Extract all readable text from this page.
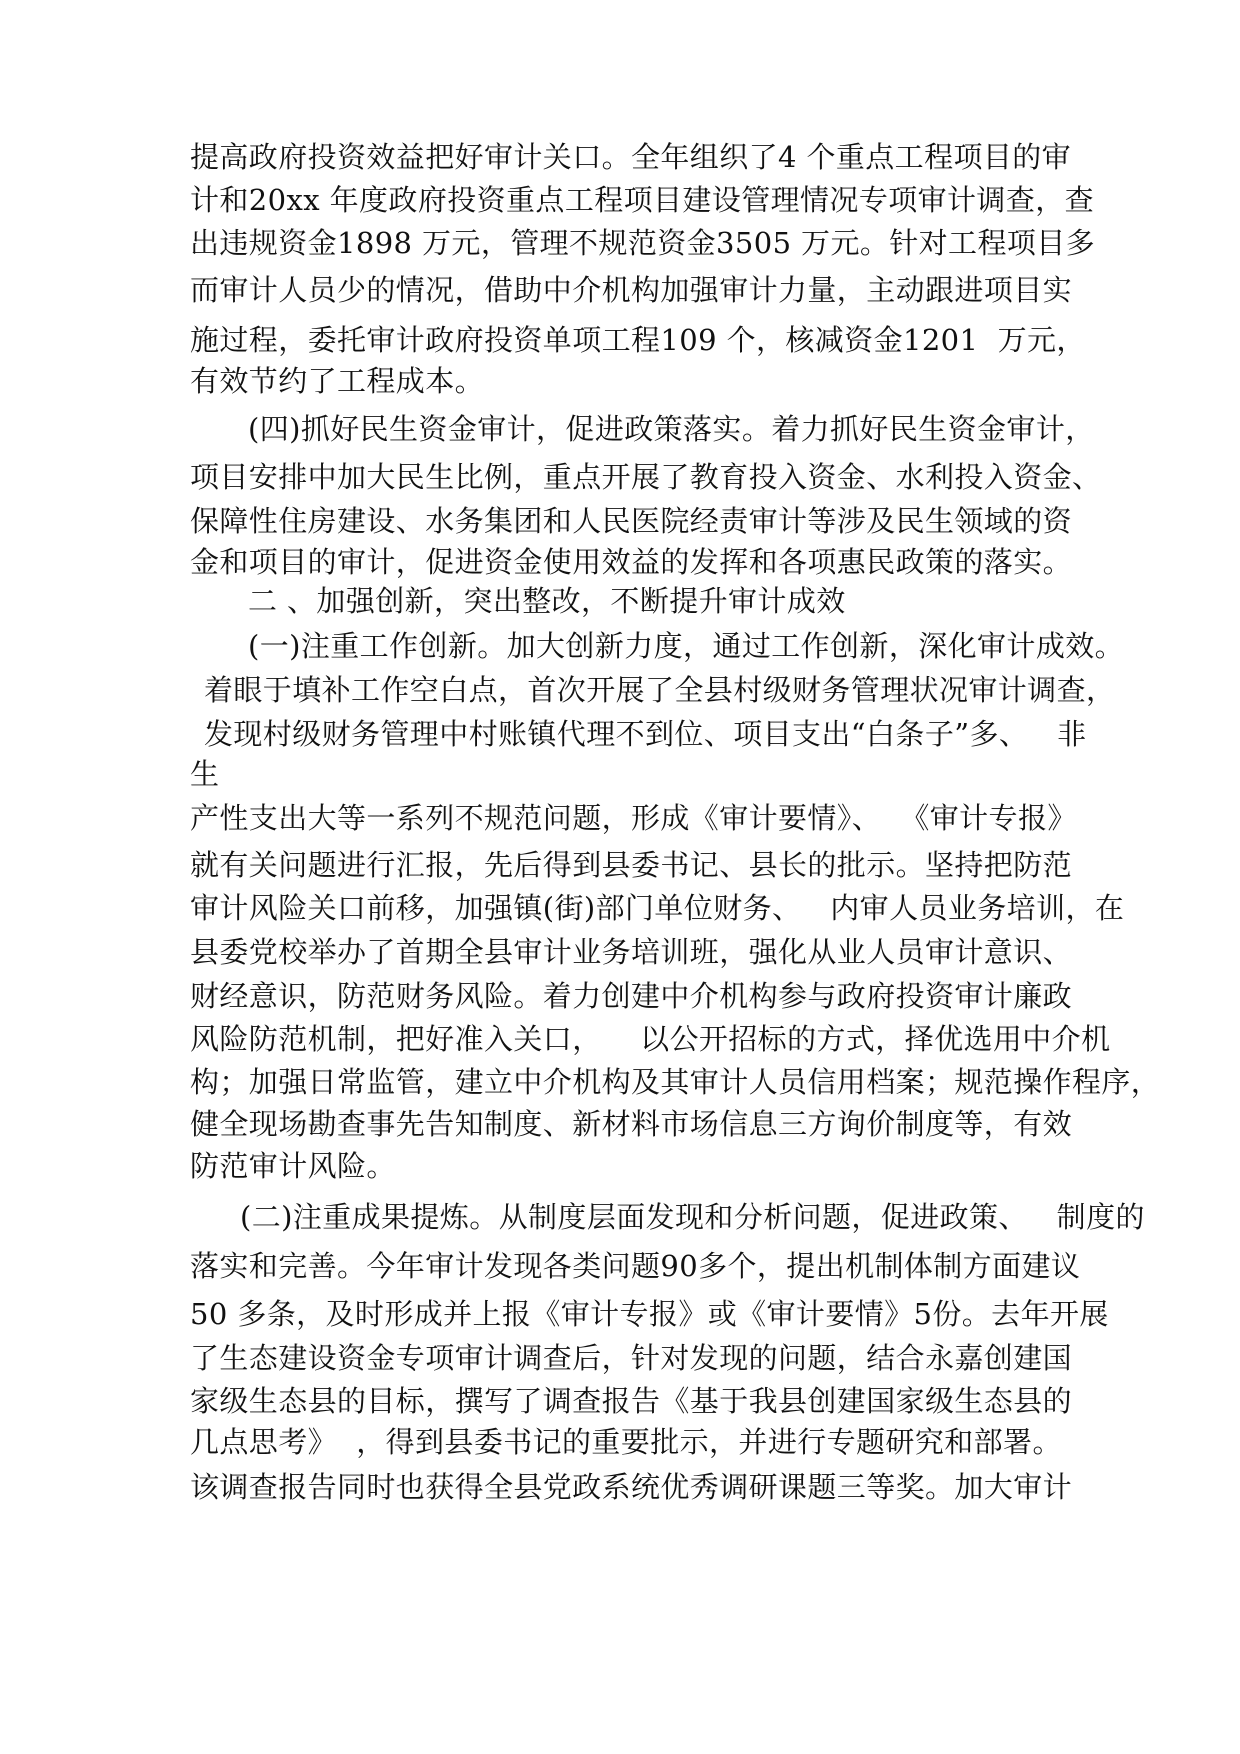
提高政府投资效益把好审计关口。全年组织了4 个重点工程项目的审
计和20xx 年度政府投资重点工程项目建设管理情况专项审计调查，查
出违规资金1898 万元，管理不规范资金3505 万元。针对工程项目多
而审计人员少的情况，借助中介机构加强审计力量，主动跟进项目实
施过程，委托审计政府投资单项工程109 个，核减资金1201  万元，
有效节约了工程成本。
(四)抓好民生资金审计，促进政策落实。着力抓好民生资金审计，
项目安排中加大民生比例，重点开展了教育投入资金、水利投入资金、
保障性住房建设、水务集团和人民医院经责审计等涉及民生领域的资
金和项目的审计，促进资金使用效益的发挥和各项惠民政策的落实。
二 、加强创新，突出整改，不断提升审计成效
(一)注重工作创新。加大创新力度，通过工作创新，深化审计成效。
着眼于填补工作空白点，首次开展了全县村级财务管理状况审计调查，
发现村级财务管理中村账镇代理不到位、项目支出“白条子”多、   非
生
产性支出大等一系列不规范问题，形成《审计要情》、  《审计专报》
就有关问题进行汇报，先后得到县委书记、县长的批示。坚持把防范
审计风险关口前移，加强镇(街)部门单位财务、   内审人员业务培训，在
县委党校举办了首期全县审计业务培训班，强化从业人员审计意识、
财经意识，防范财务风险。着力创建中介机构参与政府投资审计廉政
风险防范机制，把好准入关口，    以公开招标的方式，择优选用中介机
构；加强日常监管，建立中介机构及其审计人员信用档案；规范操作程序，
健全现场勘查事先告知制度、新材料市场信息三方询价制度等，有效
防范审计风险。
(二)注重成果提炼。从制度层面发现和分析问题，促进政策、   制度的
落实和完善。今年审计发现各类问题90多个，提出机制体制方面建议
50 多条，及时形成并上报《审计专报》或《审计要情》5份。去年开展
了生态建设资金专项审计调查后，针对发现的问题，结合永嘉创建国
家级生态县的目标，撰写了调查报告《基于我县创建国家级生态县的
几点思考》  ，得到县委书记的重要批示，并进行专题研究和部署。
该调查报告同时也获得全县党政系统优秀调研课题三等奖。加大审计
